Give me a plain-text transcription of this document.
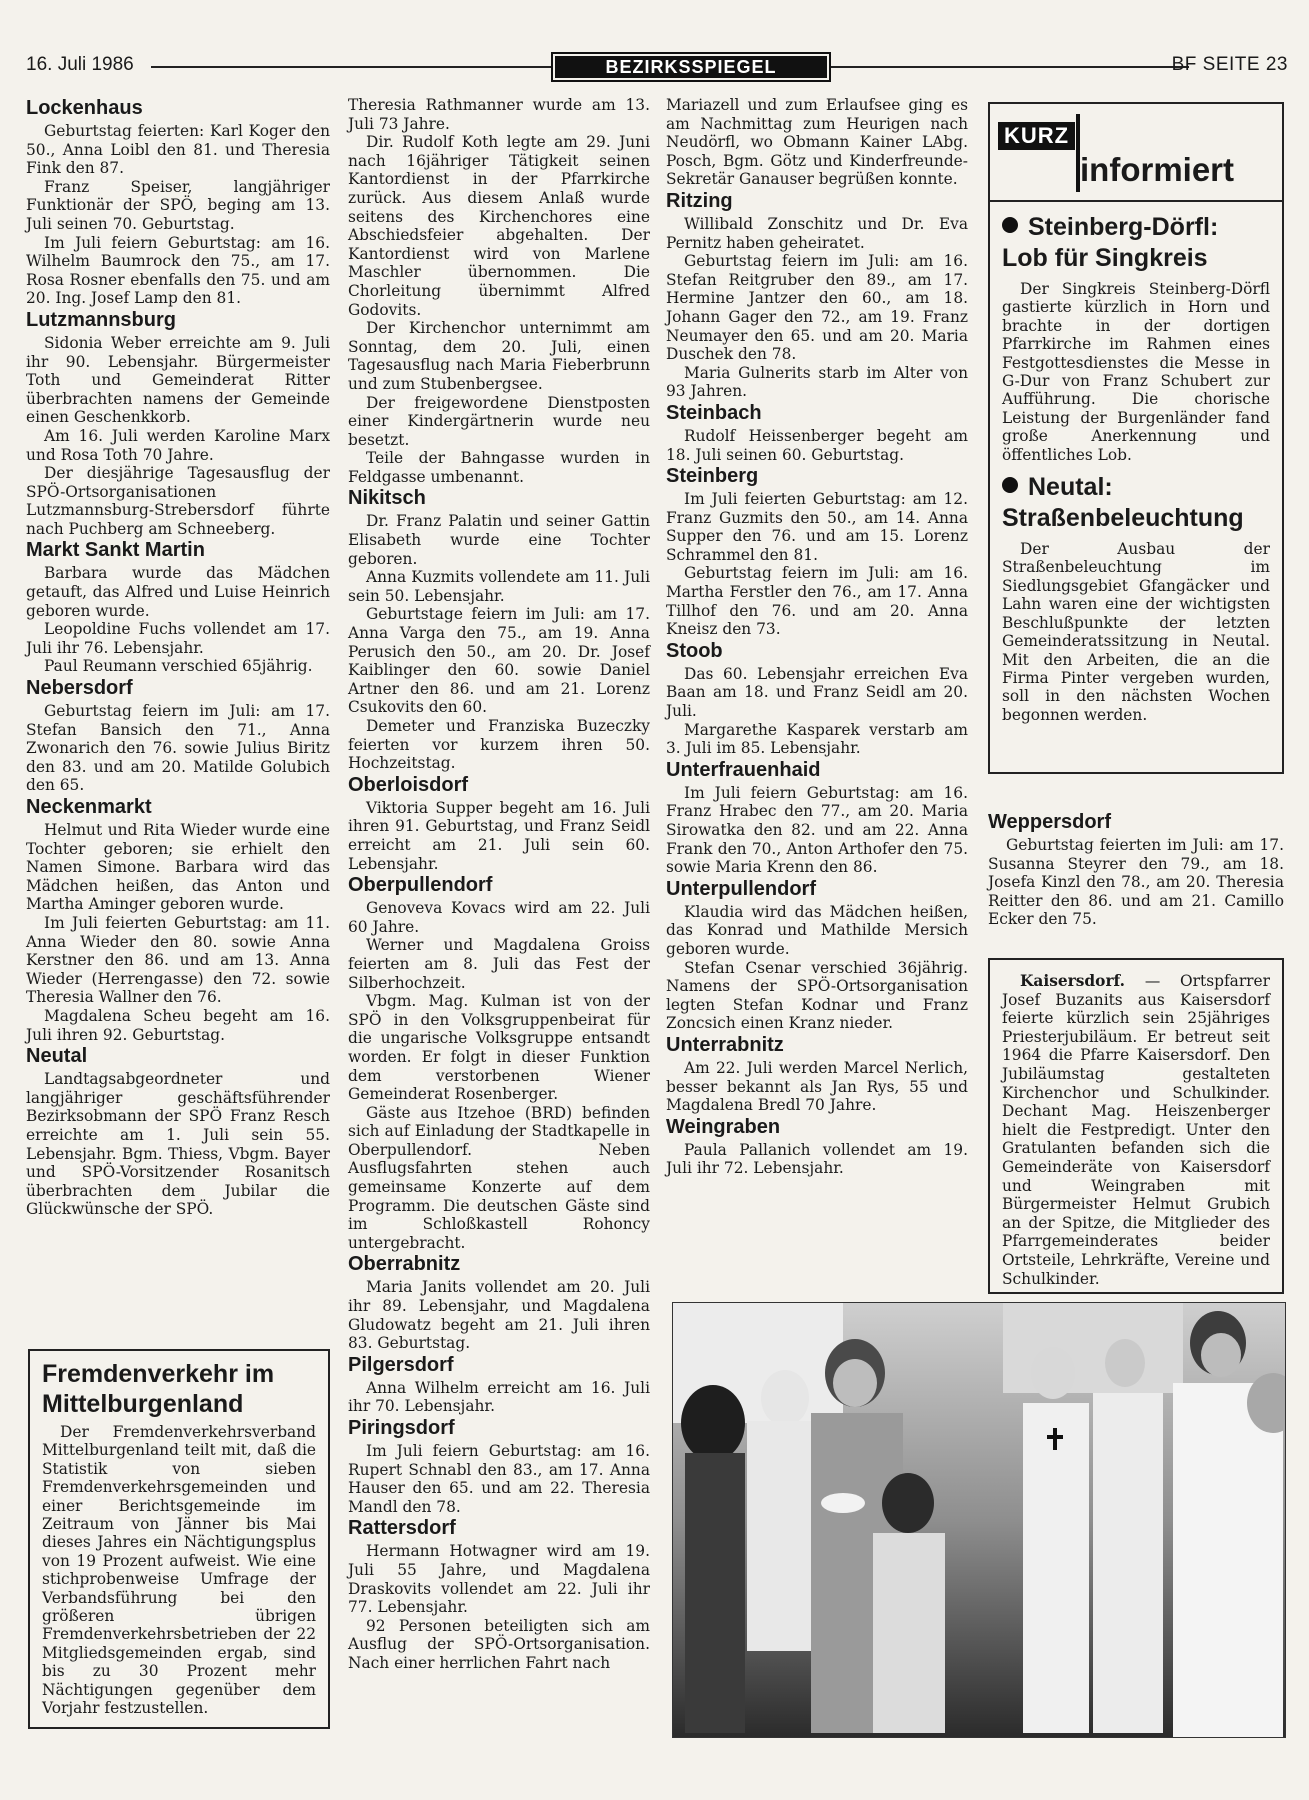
16. Juli 1986	BEZIRKSSPIEGEL	BF SEITE 23
Lockenhaus

Geburtstag feierten: Karl Koger den 50., Anna Loibl den 81. und Theresia Fink den 87.

Franz Speiser, langjähriger Funktionär der SPÖ, beging am 13. Juli seinen 70. Geburtstag.

Im Juli feiern Geburtstag: am 16. Wilhelm Baumrock den 75., am 17. Rosa Rosner ebenfalls den 75. und am 20. Ing. Josef Lamp den 81.

Lutzmannsburg

Sidonia Weber erreichte am 9. Juli ihr 90. Lebensjahr. Bürgermeister Toth und Gemeinderat Ritter überbrachten namens der Gemeinde einen Geschenkkorb.

Am 16. Juli werden Karoline Marx und Rosa Toth 70 Jahre.

Der diesjährige Tagesausflug der SPÖ-Ortsorganisationen Lutzmannsburg-Strebersdorf führte nach Puchberg am Schneeberg.

Markt Sankt Martin

Barbara wurde das Mädchen getauft, das Alfred und Luise Heinrich geboren wurde.

Leopoldine Fuchs vollendet am 17. Juli ihr 76. Lebensjahr.

Paul Reumann verschied 65jährig.

Nebersdorf

Geburtstag feiern im Juli: am 17. Stefan Bansich den 71., Anna Zwonarich den 76. sowie Julius Biritz den 83. und am 20. Matilde Golubich den 65.

Neckenmarkt

Helmut und Rita Wieder wurde eine Tochter geboren; sie erhielt den Namen Simone. Barbara wird das Mädchen heißen, das Anton und Martha Aminger geboren wurde.

Im Juli feierten Geburtstag: am 11. Anna Wieder den 80. sowie Anna Kerstner den 86. und am 13. Anna Wieder (Herrengasse) den 72. sowie Theresia Wallner den 76.

Magdalena Scheu begeht am 16. Juli ihren 92. Geburtstag.

Neutal

Landtagsabgeordneter und langjähriger geschäftsführender Bezirksobmann der SPÖ Franz Resch erreichte am 1. Juli sein 55. Lebensjahr. Bgm. Thiess, Vbgm. Bayer und SPÖ-Vorsitzender Rosanitsch überbrachten dem Jubilar die Glückwünsche der SPÖ.

Fremdenverkehr im Mittelburgenland

Der Fremdenverkehrsverband Mittelburgenland teilt mit, daß die Statistik von sieben Fremdenverkehrsgemeinden und einer Berichtsgemeinde im Zeitraum von Jänner bis Mai dieses Jahres ein Nächtigungsplus von 19 Prozent aufweist. Wie eine stichprobenweise Umfrage der Verbandsführung bei den größeren übrigen Fremdenverkehrsbetrieben der 22 Mitgliedsgemeinden ergab, sind bis zu 30 Prozent mehr Nächtigungen gegenüber dem Vorjahr festzustellen.

Theresia Rathmanner wurde am 13. Juli 73 Jahre.

Dir. Rudolf Koth legte am 29. Juni nach 16jähriger Tätigkeit seinen Kantordienst in der Pfarrkirche zurück. Aus diesem Anlaß wurde seitens des Kirchenchores eine Abschiedsfeier abgehalten. Der Kantordienst wird von Marlene Maschler übernommen. Die Chorleitung übernimmt Alfred Godovits.

Der Kirchenchor unternimmt am Sonntag, dem 20. Juli, einen Tagesausflug nach Maria Fieberbrunn und zum Stubenbergsee.

Der freigewordene Dienstposten einer Kindergärtnerin wurde neu besetzt.

Teile der Bahngasse wurden in Feldgasse umbenannt.

Nikitsch

Dr. Franz Palatin und seiner Gattin Elisabeth wurde eine Tochter geboren.

Anna Kuzmits vollendete am 11. Juli sein 50. Lebensjahr.

Geburtstage feiern im Juli: am 17. Anna Varga den 75., am 19. Anna Perusich den 50., am 20. Dr. Josef Kaiblinger den 60. sowie Daniel Artner den 86. und am 21. Lorenz Csukovits den 60.

Demeter und Franziska Buzeczky feierten vor kurzem ihren 50. Hochzeitstag.

Oberloisdorf

Viktoria Supper begeht am 16. Juli ihren 91. Geburtstag, und Franz Seidl erreicht am 21. Juli sein 60. Lebensjahr.

Oberpullendorf

Genoveva Kovacs wird am 22. Juli 60 Jahre.

Werner und Magdalena Groiss feierten am 8. Juli das Fest der Silberhochzeit.

Vbgm. Mag. Kulman ist von der SPÖ in den Volksgruppenbeirat für die ungarische Volksgruppe entsandt worden. Er folgt in dieser Funktion dem verstorbenen Wiener Gemeinderat Rosenberger.

Gäste aus Itzehoe (BRD) befinden sich auf Einladung der Stadtkapelle in Oberpullendorf. Neben Ausflugsfahrten stehen auch gemeinsame Konzerte auf dem Programm. Die deutschen Gäste sind im Schloßkastell Rohoncy untergebracht.

Oberrabnitz

Maria Janits vollendet am 20. Juli ihr 89. Lebensjahr, und Magdalena Gludowatz begeht am 21. Juli ihren 83. Geburtstag.

Pilgersdorf

Anna Wilhelm erreicht am 16. Juli ihr 70. Lebensjahr.

Piringsdorf

Im Juli feiern Geburtstag: am 16. Rupert Schnabl den 83., am 17. Anna Hauser den 65. und am 22. Theresia Mandl den 78.

Rattersdorf

Hermann Hotwagner wird am 19. Juli 55 Jahre, und Magdalena Draskovits vollendet am 22. Juli ihr 77. Lebensjahr.

92 Personen beteiligten sich am Ausflug der SPÖ-Ortsorganisation. Nach einer herrlichen Fahrt nach

Mariazell und zum Erlaufsee ging es am Nachmittag zum Heurigen nach Neudörfl, wo Obmann Kainer LAbg. Posch, Bgm. Götz und Kinderfreunde-Sekretär Ganauser begrüßen konnte.

Ritzing

Willibald Zonschitz und Dr. Eva Pernitz haben geheiratet.

Geburtstag feiern im Juli: am 16. Stefan Reitgruber den 89., am 17. Hermine Jantzer den 60., am 18. Johann Gager den 72., am 19. Franz Neumayer den 65. und am 20. Maria Duschek den 78.

Maria Gulnerits starb im Alter von 93 Jahren.

Steinbach

Rudolf Heissenberger begeht am 18. Juli seinen 60. Geburtstag.

Steinberg

Im Juli feierten Geburtstag: am 12. Franz Guzmits den 50., am 14. Anna Supper den 76. und am 15. Lorenz Schrammel den 81.

Geburtstag feiern im Juli: am 16. Martha Ferstler den 76., am 17. Anna Tillhof den 76. und am 20. Anna Kneisz den 73.

Stoob

Das 60. Lebensjahr erreichen Eva Baan am 18. und Franz Seidl am 20. Juli.

Margarethe Kasparek verstarb am 3. Juli im 85. Lebensjahr.

Unterfrauenhaid

Im Juli feiern Geburtstag: am 16. Franz Hrabec den 77., am 20. Maria Sirowatka den 82. und am 22. Anna Frank den 70., Anton Arthofer den 75. sowie Maria Krenn den 86.

Unterpullendorf

Klaudia wird das Mädchen heißen, das Konrad und Mathilde Mersich geboren wurde.

Stefan Csenar verschied 36jährig. Namens der SPÖ-Ortsorganisation legten Stefan Kodnar und Franz Zoncsich einen Kranz nieder.

Unterrabnitz

Am 22. Juli werden Marcel Nerlich, besser bekannt als Jan Rys, 55 und Magdalena Bredl 70 Jahre.

Weingraben

Paula Pallanich vollendet am 19. Juli ihr 72. Lebensjahr.

KURZ
informiert
Steinberg-Dörfl: Lob für Singkreis

Der Singkreis Steinberg-Dörfl gastierte kürzlich in Horn und brachte in der dortigen Pfarrkirche im Rahmen eines Festgottesdienstes die Messe in G-Dur von Franz Schubert zur Aufführung. Die chorische Leistung der Burgenländer fand große Anerkennung und öffentliches Lob.

Neutal: Straßenbeleuchtung

Der Ausbau der Straßenbeleuchtung im Siedlungsgebiet Gfangäcker und Lahn waren eine der wichtigsten Beschlußpunkte der letzten Gemeinderatssitzung in Neutal. Mit den Arbeiten, die an die Firma Pinter vergeben wurden, soll in den nächsten Wochen begonnen werden.

Weppersdorf

Geburtstag feierten im Juli: am 17. Susanna Steyrer den 79., am 18. Josefa Kinzl den 78., am 20. Theresia Reitter den 86. und am 21. Camillo Ecker den 75.

Kaisersdorf. — Ortspfarrer Josef Buzanits aus Kaisersdorf feierte kürzlich sein 25jähriges Priesterjubiläum. Er betreut seit 1964 die Pfarre Kaisersdorf. Den Jubiläumstag gestalteten Kirchenchor und Schulkinder. Dechant Mag. Heiszenberger hielt die Festpredigt. Unter den Gratulanten befanden sich die Gemeinderäte von Kaisersdorf und Weingraben mit Bürgermeister Helmut Grubich an der Spitze, die Mitglieder des Pfarrgemeinderates beider Ortsteile, Lehrkräfte, Vereine und Schulkinder.
